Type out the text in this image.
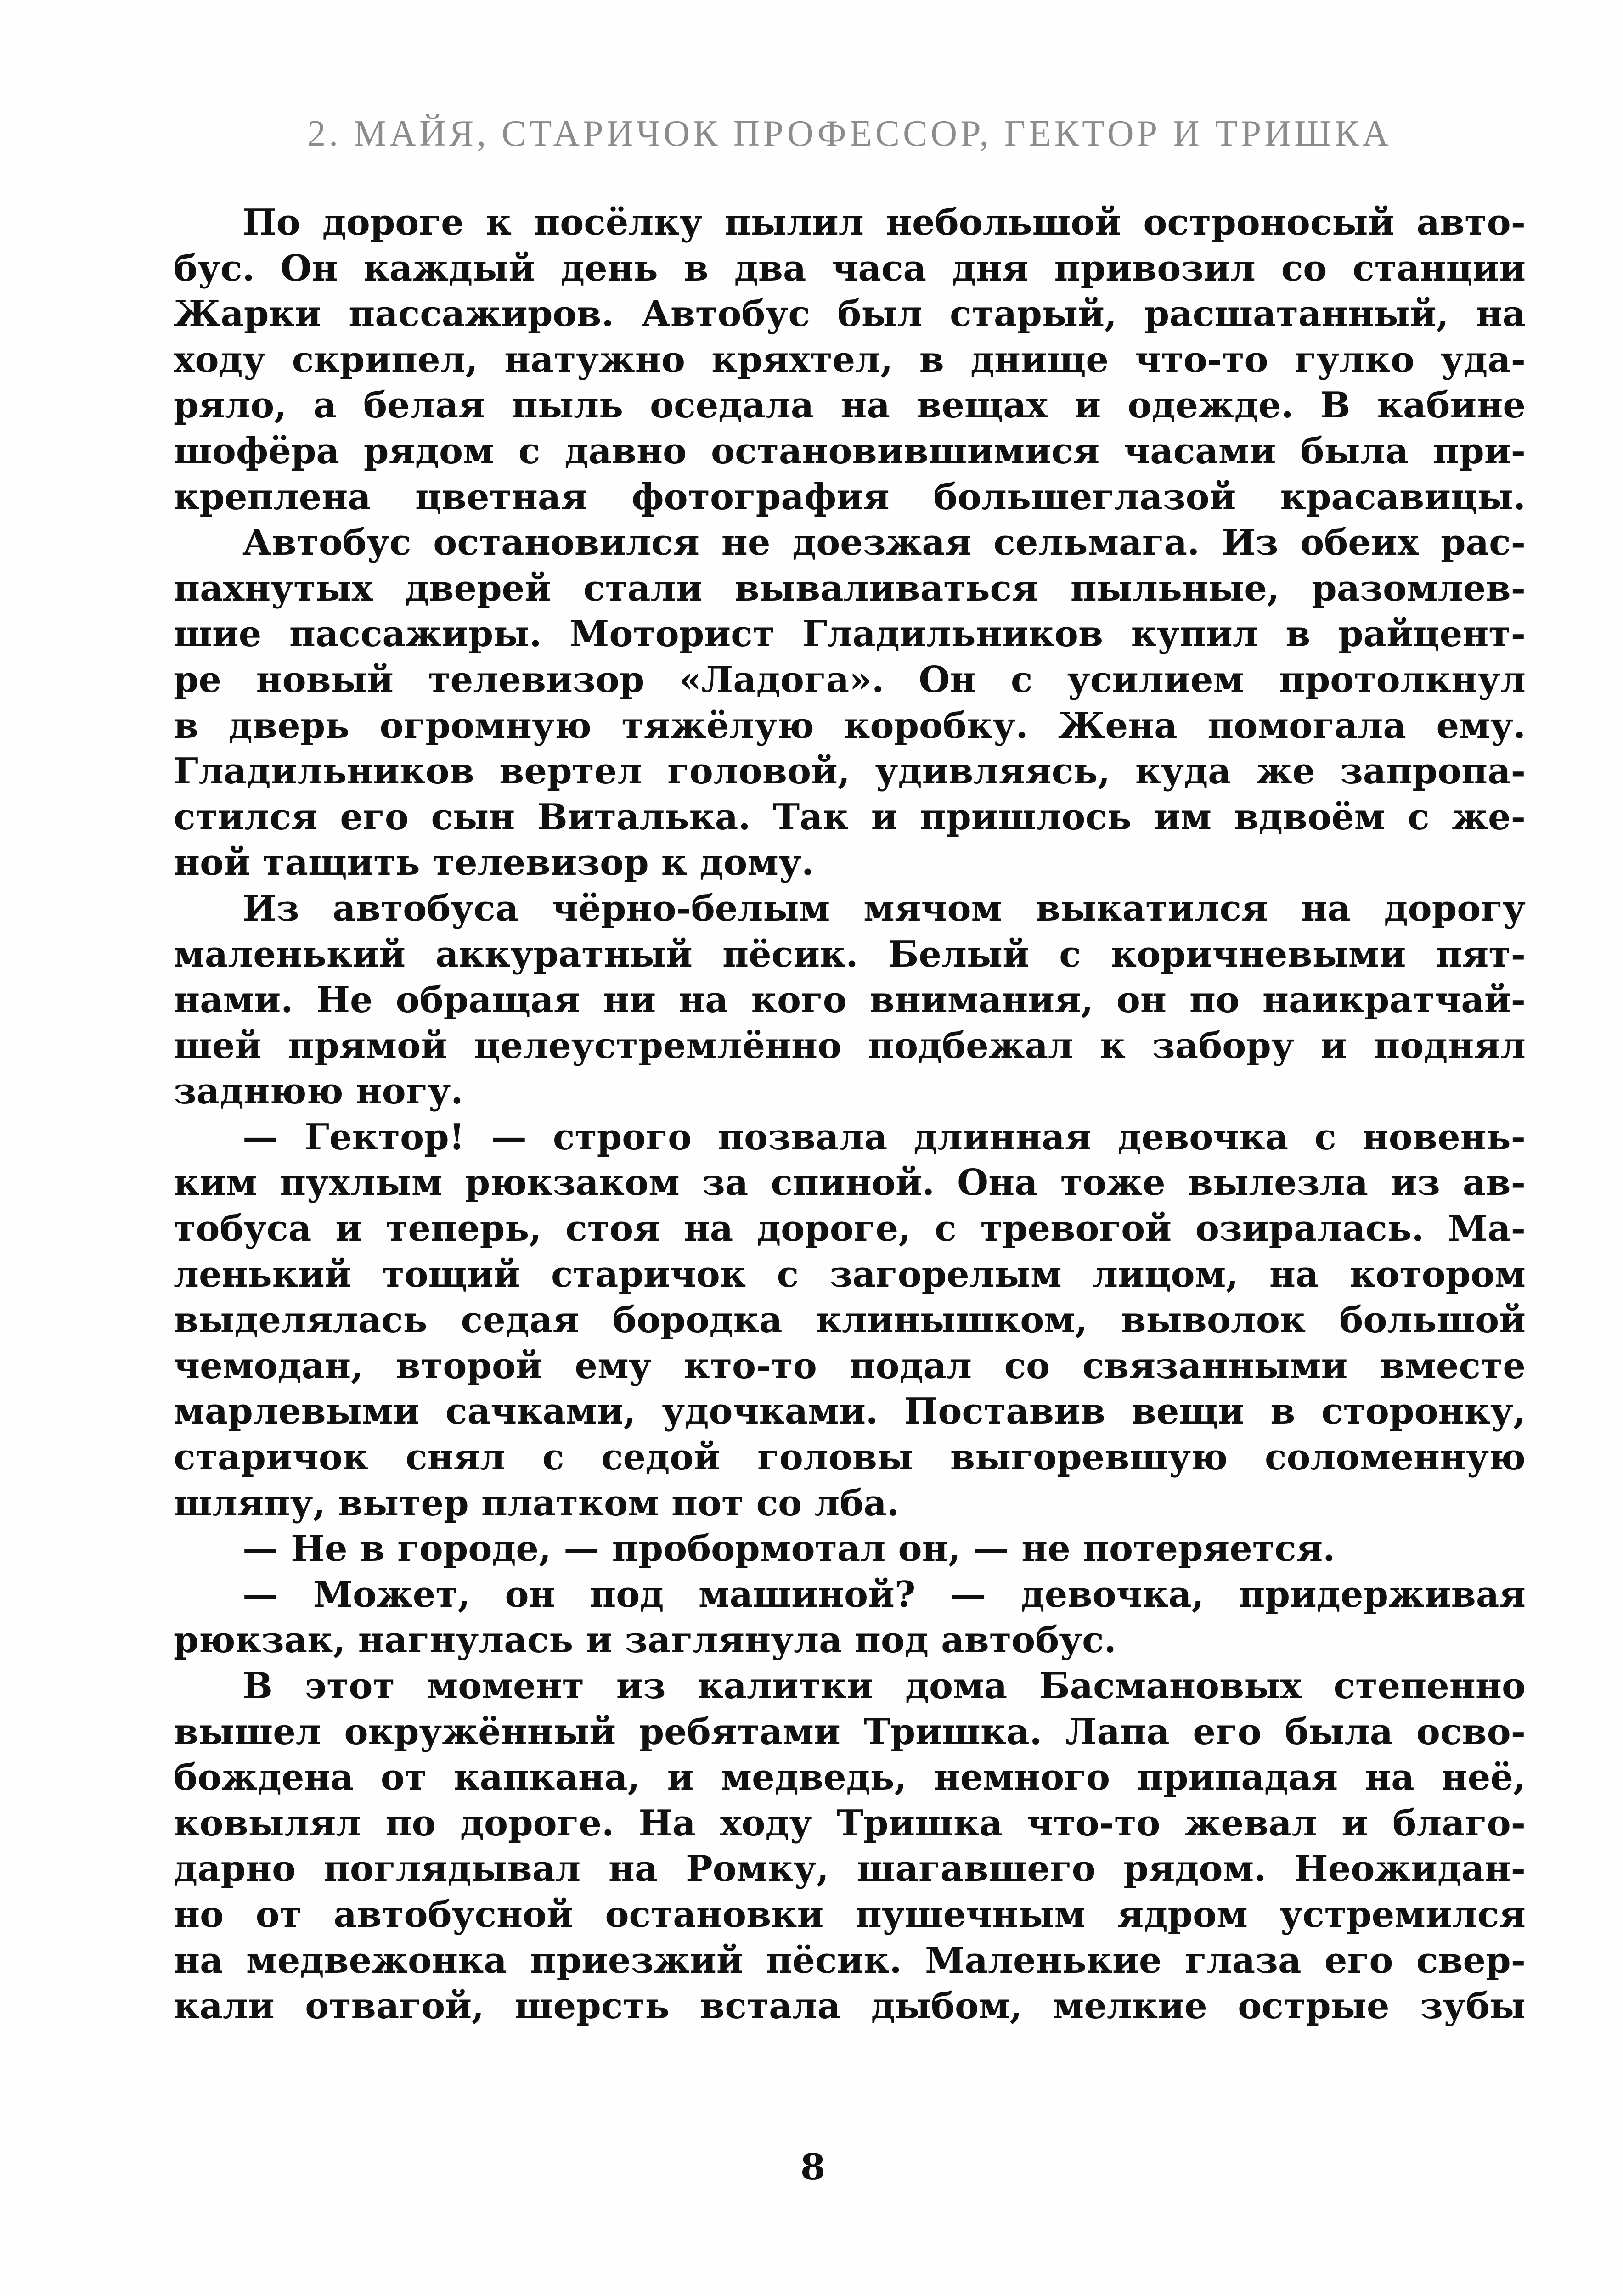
2. МАЙЯ, СТАРИЧОК ПРОФЕССОР, ГЕКТОР И ТРИШКА
По дороге к посёлку пылил небольшой остроносый авто-
бус. Он каждый день в два часа дня привозил со станции
Жарки пассажиров. Автобус был старый, расшатанный, на
ходу скрипел, натужно кряхтел, в днище что-то гулко уда-
ряло, а белая пыль оседала на вещах и одежде. В кабине
шофёра рядом с давно остановившимися часами была при-
креплена цветная фотография большеглазой красавицы.
Автобус остановился не доезжая сельмага. Из обеих рас-
пахнутых дверей стали вываливаться пыльные, разомлев-
шие пассажиры. Моторист Гладильников купил в райцент-
ре новый телевизор «Ладога». Он с усилием протолкнул
в дверь огромную тяжёлую коробку. Жена помогала ему.
Гладильников вертел головой, удивляясь, куда же запропа-
стился его сын Виталька. Так и пришлось им вдвоём с же-
ной тащить телевизор к дому.
Из автобуса чёрно-белым мячом выкатился на дорогу
маленький аккуратный пёсик. Белый с коричневыми пят-
нами. Не обращая ни на кого внимания, он по наикратчай-
шей прямой целеустремлённо подбежал к забору и поднял
заднюю ногу.
— Гектор! — строго позвала длинная девочка с новень-
ким пухлым рюкзаком за спиной. Она тоже вылезла из ав-
тобуса и теперь, стоя на дороге, с тревогой озиралась. Ма-
ленький тощий старичок с загорелым лицом, на котором
выделялась седая бородка клинышком, выволок большой
чемодан, второй ему кто-то подал со связанными вместе
марлевыми сачками, удочками. Поставив вещи в сторонку,
старичок снял с седой головы выгоревшую соломенную
шляпу, вытер платком пот со лба.
— Не в городе, — пробормотал он, — не потеряется.
— Может, он под машиной? — девочка, придерживая
рюкзак, нагнулась и заглянула под автобус.
В этот момент из калитки дома Басмановых степенно
вышел окружённый ребятами Тришка. Лапа его была осво-
бождена от капкана, и медведь, немного припадая на неё,
ковылял по дороге. На ходу Тришка что-то жевал и благо-
дарно поглядывал на Ромку, шагавшего рядом. Неожидан-
но от автобусной остановки пушечным ядром устремился
на медвежонка приезжий пёсик. Маленькие глаза его свер-
кали отвагой, шерсть встала дыбом, мелкие острые зубы
8
